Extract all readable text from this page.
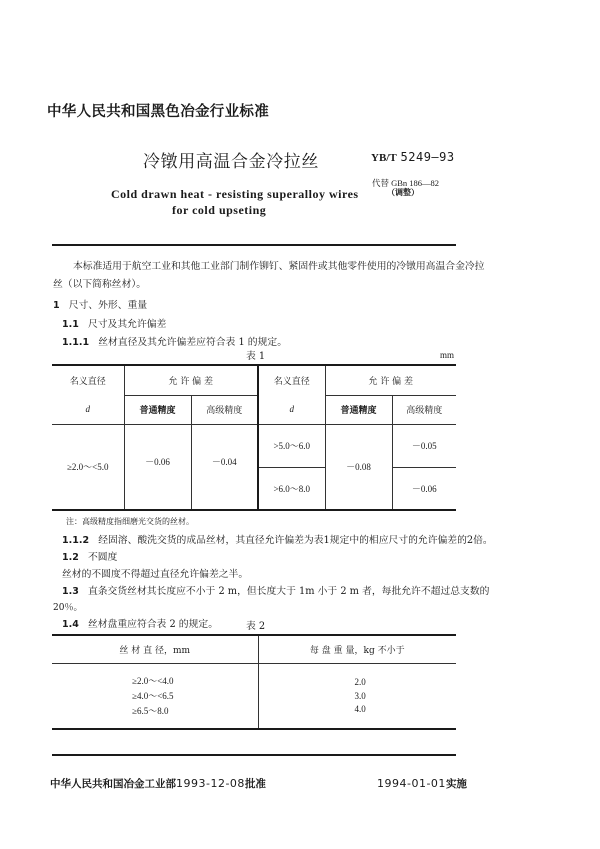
中华人民共和国黑色冶金行业标准
冷镦用高温合金冷拉丝	YB/T 5249—93
代替 GBn 186—82
（调整）
Cold drawn heat - resisting superalloy wires
for cold upseting
本标准适用于航空工业和其他工业部门制作铆钉、紧固件或其他零件使用的冷镦用高温合金冷拉
丝（以下简称丝材）。
1 尺寸、外形、重量
1.1 尺寸及其允许偏差
1.1.1 丝材直径及其允许偏差应符合表 1 的规定。
表 1	mm
名义直径	允 许 偏 差		名义直径	允 许 偏 差	
d	普通精度	高级精度	d	普通精度	高级精度
≥2.0～<5.0	－0.06	－0.04	>5.0～6.0	－0.08	－0.05
			>6.0～8.0		－0.06
注：高级精度指细磨光交货的丝材。
1.1.2 经固溶、酸洗交货的成品丝材，其直径允许偏差为表1规定中的相应尺寸的允许偏差的2倍。
1.2 不圆度
丝材的不圆度不得超过直径允许偏差之半。
1.3 直条交货丝材其长度应不小于 2 m，但长度大于 1m 小于 2 m 者，每批允许不超过总支数的
20％。
1.4 丝材盘重应符合表 2 的规定。	表 2
丝 材 直 径，mm	每 盘 重 量，kg 不小于
≥2.0～<4.0	2.0
≥4.0～<6.5	3.0
≥6.5～8.0	4.0
中华人民共和国冶金工业部1993-12-08批准	1994-01-01实施
